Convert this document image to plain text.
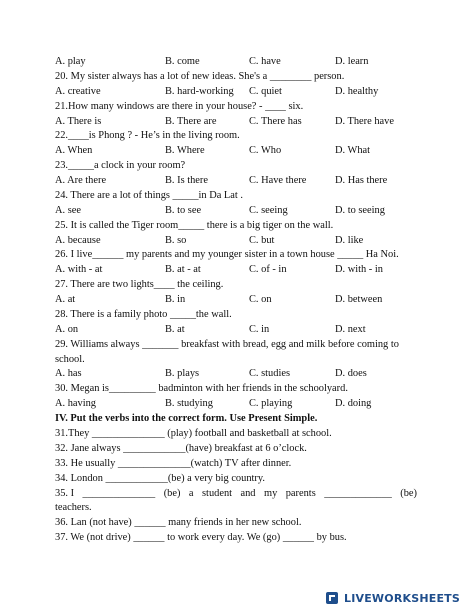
A. play	B. come	C. have	D. learn
20. My sister always has a lot of new ideas. She's a ________ person.
A. creative	B. hard-working	C. quiet	D. healthy
21.How many windows are there in your house? - ____ six.
A. There is	B. There are	C. There has	D. There have
22.____is Phong ? - He’s in the living room.
A. When	B. Where	C. Who	D. What
23._____a clock in your room?
A. Are there	B. Is there	C. Have there	D. Has there
24. There are a lot of things _____in Da Lat .
A. see	B. to see	C. seeing	D. to seeing
25. It is called the Tiger room_____ there is a big tiger on the wall.
A. because	B. so	C. but	D. like
26. I live______ my parents and my younger sister in a town house _____ Ha Noi.
A. with - at	B. at - at	C. of - in	D. with - in
27. There are two lights____ the ceiling.
A. at	B. in	C. on	D. between
28. There is a family photo _____the wall.
A. on	B. at	C. in	D. next
29. Williams always _______ breakfast with bread, egg and milk before coming to
school.
A. has	B. plays	C. studies	D. does
30. Megan is_________ badminton with her friends in the schoolyard.
A. having	B. studying	C. playing	D. doing
IV. Put the verbs into the correct form. Use Present Simple.
31.They ______________ (play) football and basketball at school.
32. Jane always ____________(have) breakfast at 6 o’clock.
33. He usually ______________(watch) TV after dinner.
34. London ____________(be) a very big country.
35. I ______________ (be) a student and my parents _____________ (be)
teachers.
36. Lan (not have) ______ many friends in her new school.
37. We (not drive) ______ to work every day. We (go) ______ by bus.
LIVEWORKSHEETS
